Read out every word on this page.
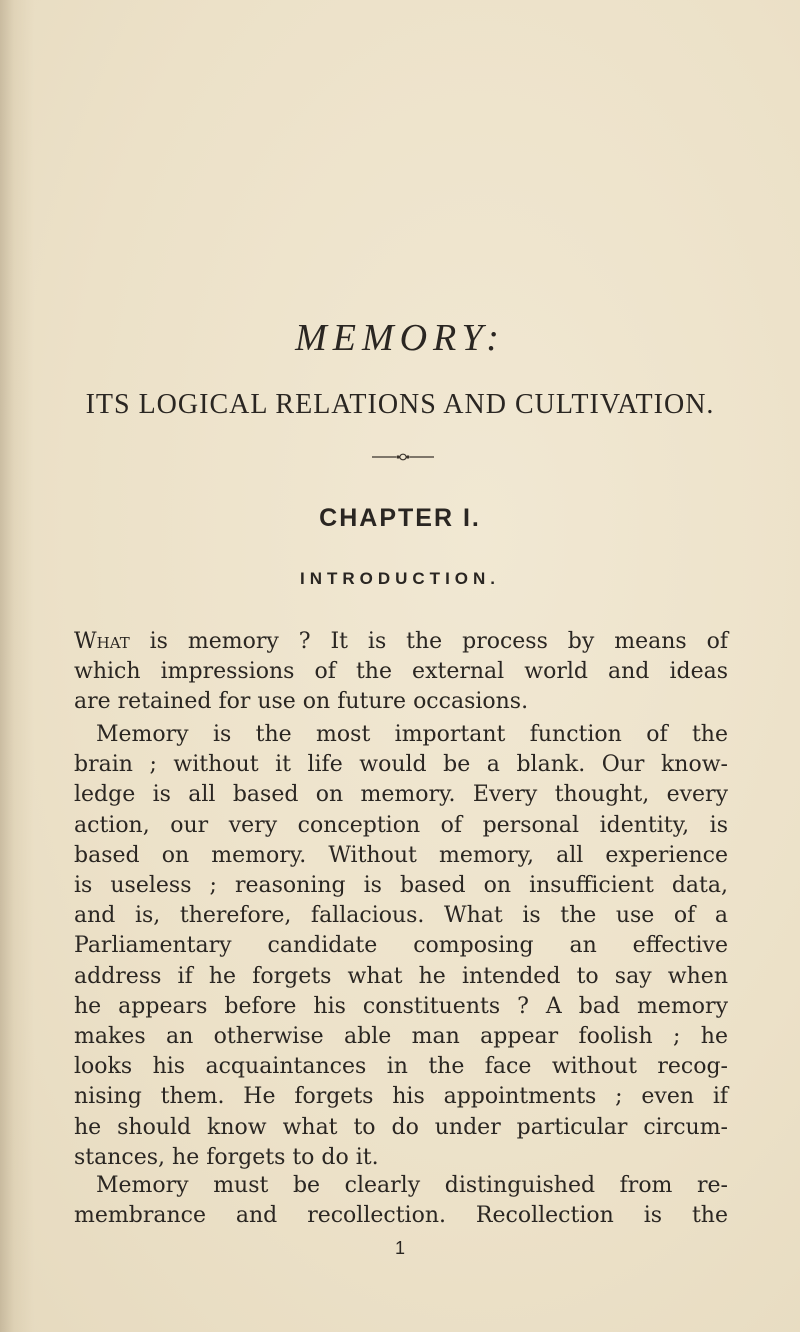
MEMORY:

ITS LOGICAL RELATIONS AND CULTIVATION.

CHAPTER I.
INTRODUCTION.
What is memory ? It is the process by means of
which impressions of the external world and ideas
are retained for use on future occasions.
Memory is the most important function of the
brain ; without it life would be a blank. Our know-
ledge is all based on memory. Every thought, every
action, our very conception of personal identity, is
based on memory. Without memory, all experience
is useless ; reasoning is based on insufficient data,
and is, therefore, fallacious. What is the use of a
Parliamentary candidate composing an effective
address if he forgets what he intended to say when
he appears before his constituents ? A bad memory
makes an otherwise able man appear foolish ; he
looks his acquaintances in the face without recog-
nising them. He forgets his appointments ; even if
he should know what to do under particular circum-
stances, he forgets to do it.
Memory must be clearly distinguished from re-
membrance and recollection. Recollection is the

1
